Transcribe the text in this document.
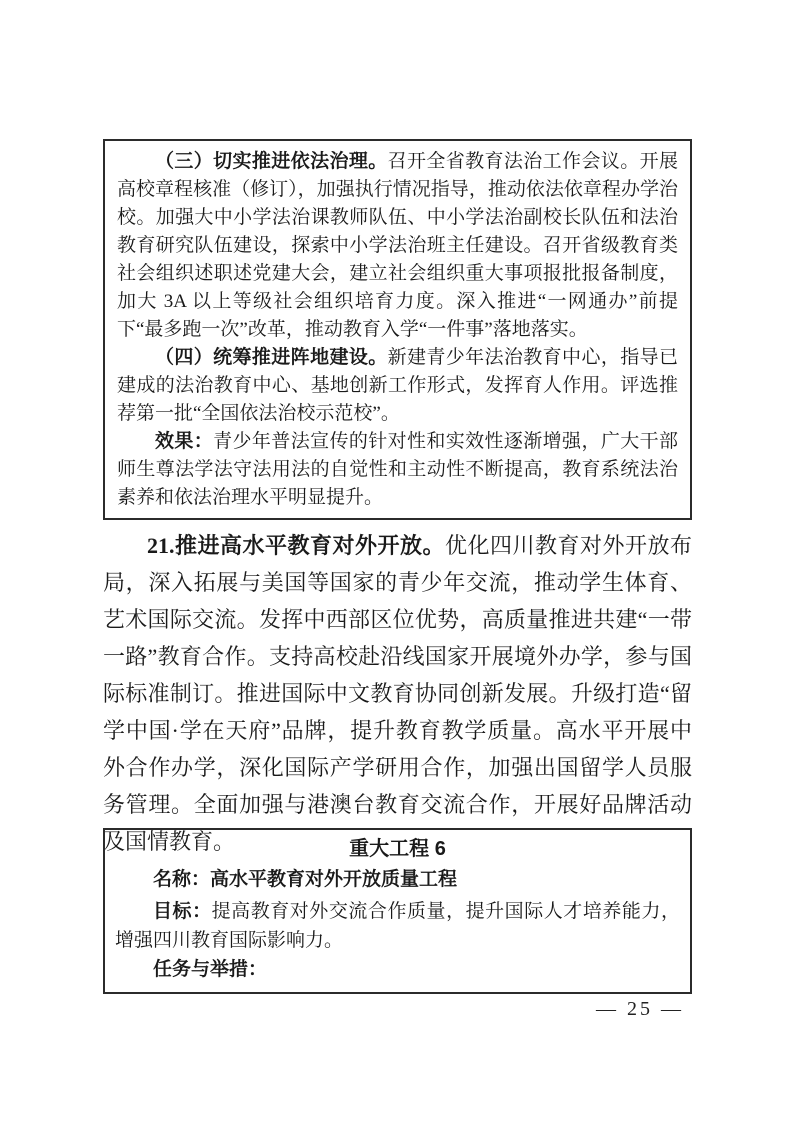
（三）切实推进依法治理。召开全省教育法治工作会议。开展高校章程核准（修订），加强执行情况指导，推动依法依章程办学治校。加强大中小学法治课教师队伍、中小学法治副校长队伍和法治教育研究队伍建设，探索中小学法治班主任建设。召开省级教育类社会组织述职述党建大会，建立社会组织重大事项报批报备制度，加大 3A 以上等级社会组织培育力度。深入推进“一网通办”前提下“最多跑一次”改革，推动教育入学“一件事”落地落实。

（四）统筹推进阵地建设。新建青少年法治教育中心，指导已建成的法治教育中心、基地创新工作形式，发挥育人作用。评选推荐第一批“全国依法治校示范校”。

效果：青少年普法宣传的针对性和实效性逐渐增强，广大干部师生尊法学法守法用法的自觉性和主动性不断提高，教育系统法治素养和依法治理水平明显提升。

21.推进高水平教育对外开放。优化四川教育对外开放布局，深入拓展与美国等国家的青少年交流，推动学生体育、艺术国际交流。发挥中西部区位优势，高质量推进共建“一带一路”教育合作。支持高校赴沿线国家开展境外办学，参与国际标准制订。推进国际中文教育协同创新发展。升级打造“留学中国·学在天府”品牌，提升教育教学质量。高水平开展中外合作办学，深化国际产学研用合作，加强出国留学人员服务管理。全面加强与港澳台教育交流合作，开展好品牌活动及国情教育。	重大工程 6
名称：高水平教育对外开放质量工程

目标：提高教育对外交流合作质量，提升国际人才培养能力，增强四川教育国际影响力。

任务与举措：

— 25 —
